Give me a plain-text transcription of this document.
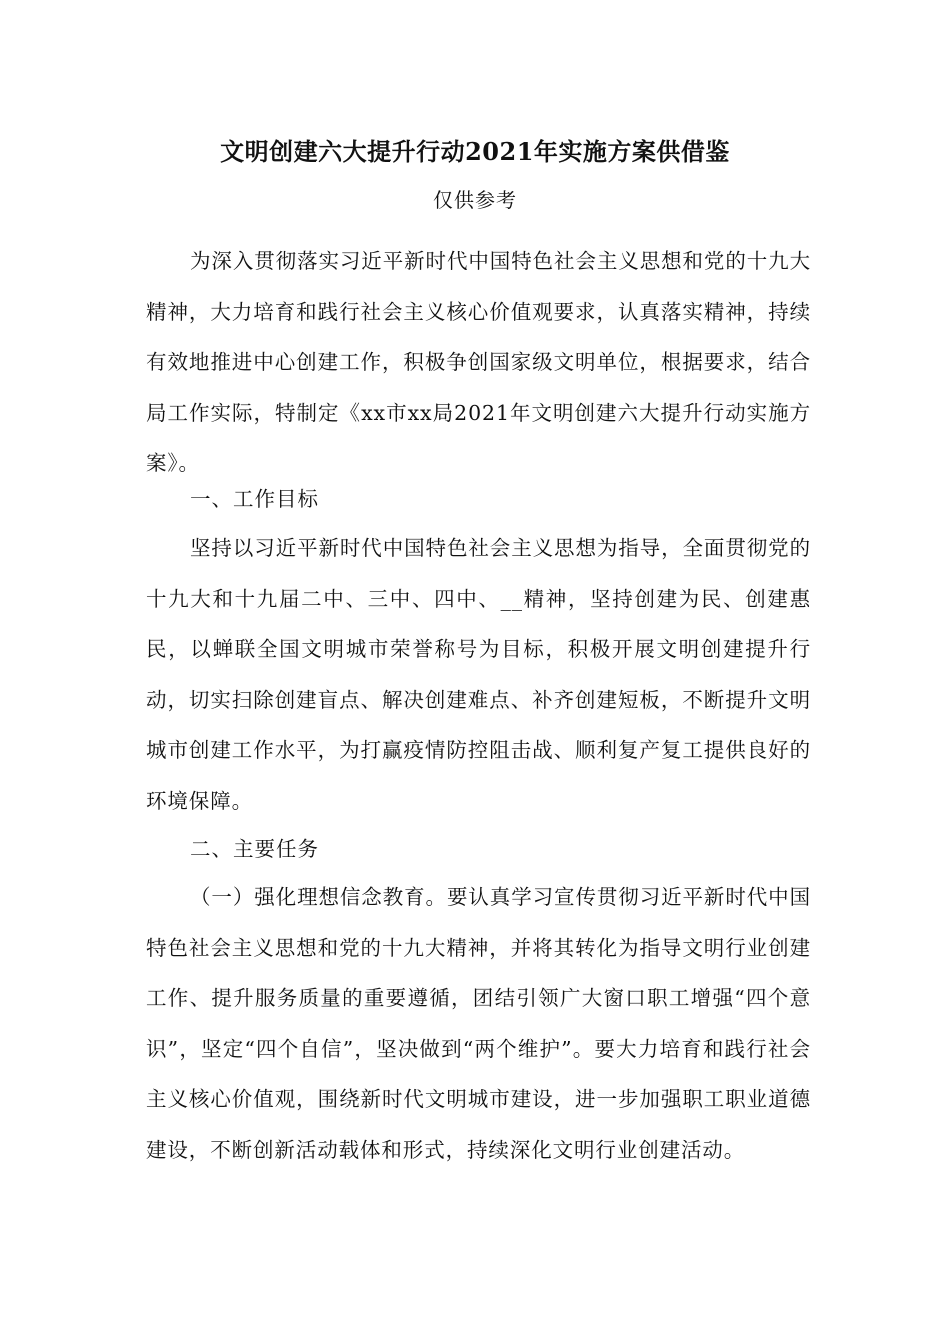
文明创建六大提升行动2021年实施方案供借鉴
仅供参考

为深入贯彻落实习近平新时代中国特色社会主义思想和党的十九大精神，大力培育和践行社会主义核心价值观要求，认真落实精神，持续有效地推进中心创建工作，积极争创国家级文明单位，根据要求，结合局工作实际，特制定《xx市xx局2021年文明创建六大提升行动实施方案》。

一、工作目标

坚持以习近平新时代中国特色社会主义思想为指导，全面贯彻党的十九大和十九届二中、三中、四中、__精神，坚持创建为民、创建惠民，以蝉联全国文明城市荣誉称号为目标，积极开展文明创建提升行动，切实扫除创建盲点、解决创建难点、补齐创建短板，不断提升文明城市创建工作水平，为打赢疫情防控阻击战、顺利复产复工提供良好的环境保障。

二、主要任务

（一）强化理想信念教育。要认真学习宣传贯彻习近平新时代中国特色社会主义思想和党的十九大精神，并将其转化为指导文明行业创建工作、提升服务质量的重要遵循，团结引领广大窗口职工增强“四个意识”，坚定“四个自信”，坚决做到“两个维护”。要大力培育和践行社会主义核心价值观，围绕新时代文明城市建设，进一步加强职工职业道德建设，不断创新活动载体和形式，持续深化文明行业创建活动。
